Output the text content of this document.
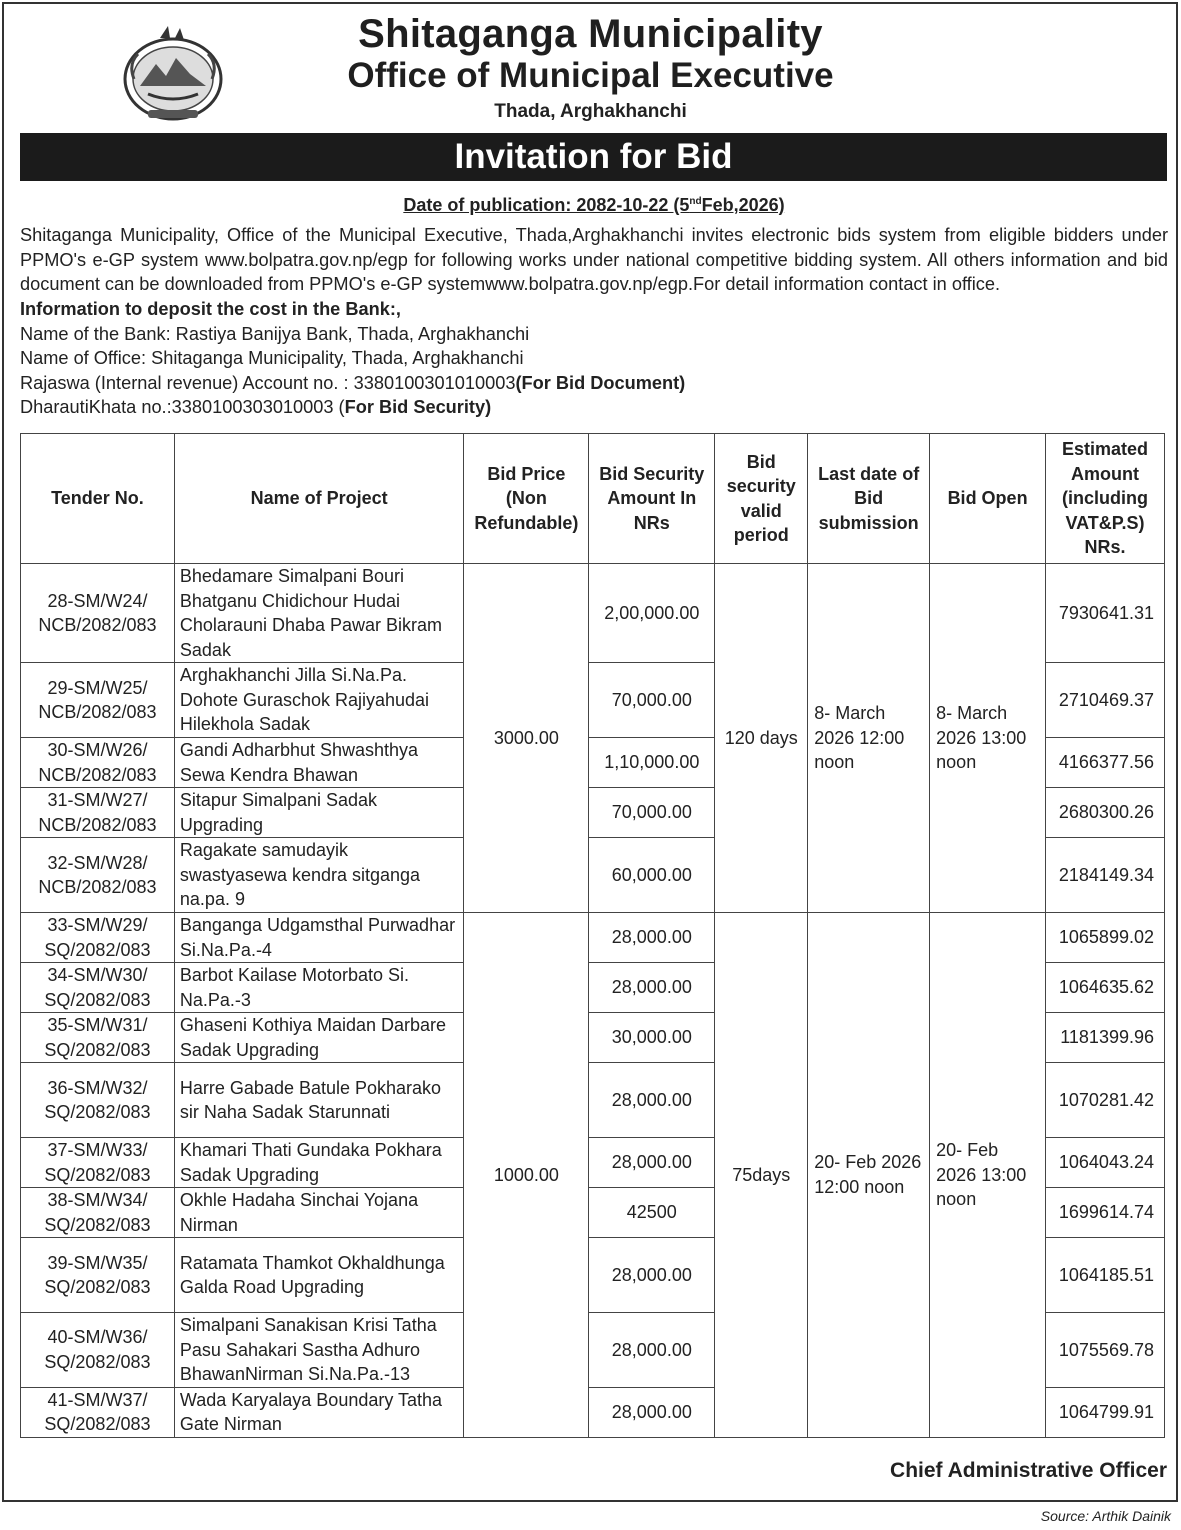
Shitaganga Municipality
Office of Municipal Executive
Thada, Arghakhanchi
Invitation for Bid
Date of publication: 2082-10-22 (5ndFeb,2026)
Shitaganga Municipality, Office of the Municipal Executive, Thada,Arghakhanchi invites electronic bids system from eligible bidders under PPMO's e-GP system www.bolpatra.gov.np/egp for following works under national competitive bidding system. All others information and bid document can be downloaded from PPMO's e-GP systemwww.bolpatra.gov.np/egp.For detail information contact in office.
Information to deposit the cost in the Bank:,
Name of the Bank: Rastiya Banijya Bank, Thada, Arghakhanchi
Name of Office: Shitaganga Municipality, Thada, Arghakhanchi
Rajaswa (Internal revenue) Account no. : 3380100301010003(For Bid Document)
DharautiKhata no.:3380100303010003 (For Bid Security)
Tender No.	Name of Project	Bid Price (Non Refundable)	Bid Security Amount In NRs	Bid security valid period	Last date of Bid submission	Bid Open	Estimated Amount (including VAT&P.S) NRs.
28-SM/W24/ NCB/2082/083	Bhedamare Simalpani Bouri Bhatganu Chidichour Hudai Cholarauni Dhaba Pawar Bikram Sadak	3000.00	2,00,000.00	120 days	8- March 2026 12:00 noon	8- March 2026 13:00 noon	7930641.31
29-SM/W25/ NCB/2082/083	Arghakhanchi Jilla Si.Na.Pa. Dohote Guraschok Rajiyahudai Hilekhola Sadak		70,000.00				2710469.37
30-SM/W26/ NCB/2082/083	Gandi Adharbhut Shwashthya Sewa Kendra Bhawan		1,10,000.00				4166377.56
31-SM/W27/ NCB/2082/083	Sitapur Simalpani Sadak Upgrading		70,000.00				2680300.26
32-SM/W28/ NCB/2082/083	Ragakate samudayik swastyasewa kendra sitganga na.pa. 9		60,000.00				2184149.34
33-SM/W29/ SQ/2082/083	Banganga Udgamsthal Purwadhar Si.Na.Pa.-4	1000.00	28,000.00	75days	20- Feb 2026 12:00 noon	20- Feb 2026 13:00 noon	1065899.02
34-SM/W30/ SQ/2082/083	Barbot Kailase Motorbato Si. Na.Pa.-3		28,000.00				1064635.62
35-SM/W31/ SQ/2082/083	Ghaseni Kothiya Maidan Darbare Sadak Upgrading		30,000.00				1181399.96
36-SM/W32/ SQ/2082/083	Harre Gabade Batule Pokharako sir Naha Sadak Starunnati		28,000.00				1070281.42
37-SM/W33/ SQ/2082/083	Khamari Thati Gundaka Pokhara Sadak Upgrading		28,000.00				1064043.24
38-SM/W34/ SQ/2082/083	Okhle Hadaha Sinchai Yojana Nirman		42500				1699614.74
39-SM/W35/ SQ/2082/083	Ratamata Thamkot Okhaldhunga Galda Road Upgrading		28,000.00				1064185.51
40-SM/W36/ SQ/2082/083	Simalpani Sanakisan Krisi Tatha Pasu Sahakari Sastha Adhuro BhawanNirman Si.Na.Pa.-13		28,000.00				1075569.78
41-SM/W37/ SQ/2082/083	Wada Karyalaya Boundary Tatha Gate Nirman		28,000.00				1064799.91
Chief Administrative Officer
Source: Arthik Dainik
